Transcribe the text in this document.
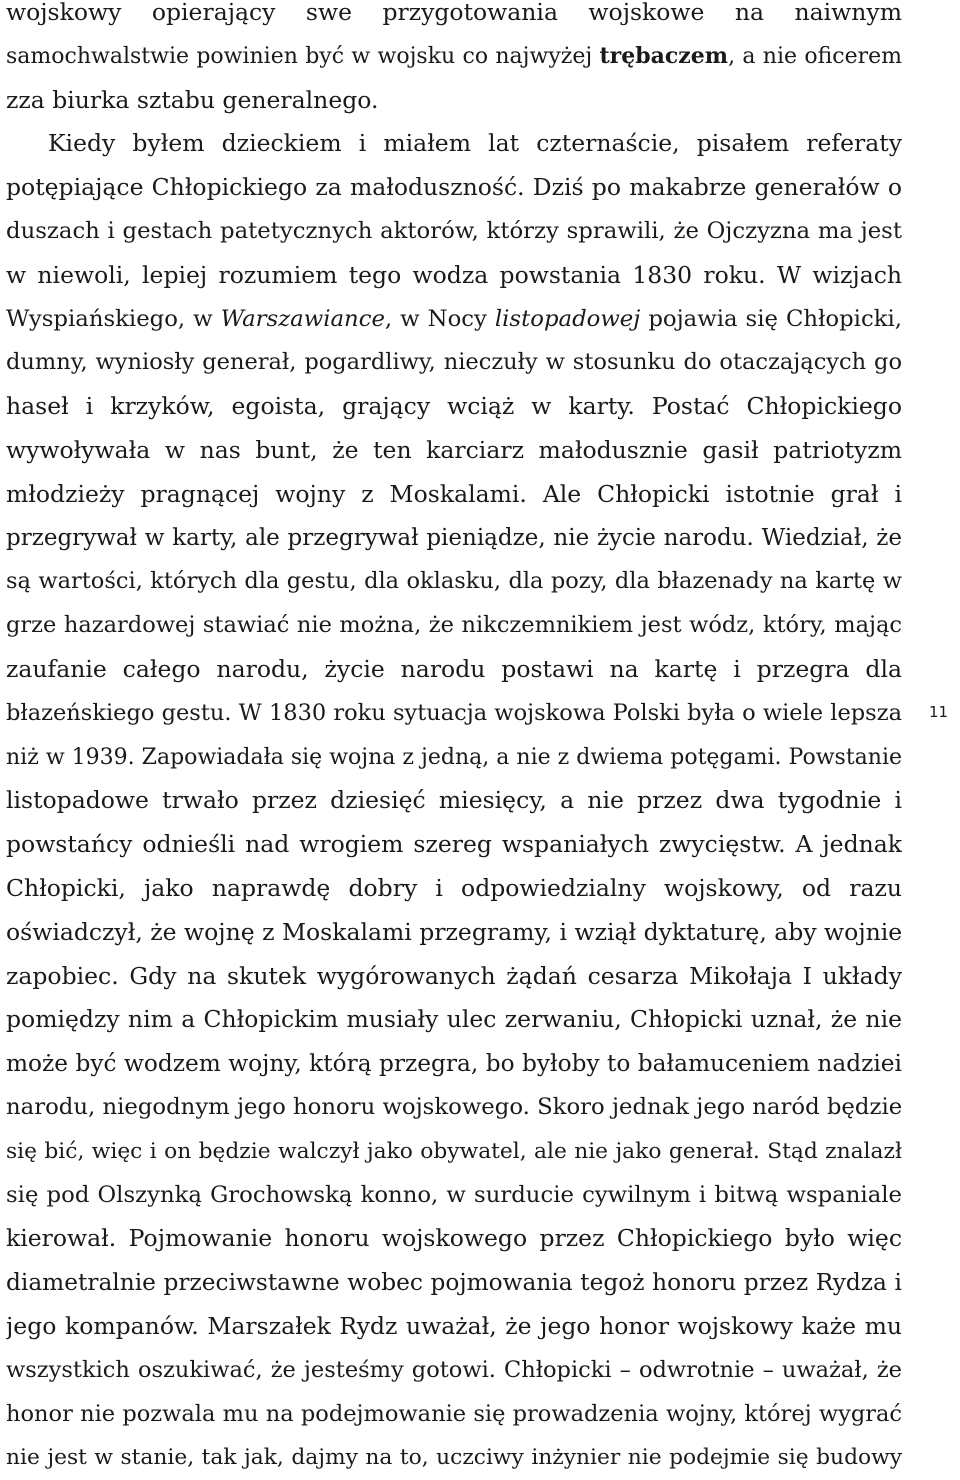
wojskowy opierający swe przygotowania wojskowe na naiwnym
samochwalstwie powinien być w wojsku co najwyżej trębaczem, a nie oficerem
zza biurka sztabu generalnego.
Kiedy byłem dzieckiem i miałem lat czternaście, pisałem referaty
potępiające Chłopickiego za małoduszność. Dziś po makabrze generałów o
duszach i gestach patetycznych aktorów, którzy sprawili, że Ojczyzna ma jest
w niewoli, lepiej rozumiem tego wodza powstania 1830 roku. W wizjach
Wyspiańskiego, w Warszawiance, w Nocy listopadowej pojawia się Chłopicki,
dumny, wyniosły generał, pogardliwy, nieczuły w stosunku do otaczających go
haseł i krzyków, egoista, grający wciąż w karty. Postać Chłopickiego
wywoływała w nas bunt, że ten karciarz małodusznie gasił patriotyzm
młodzieży pragnącej wojny z Moskalami. Ale Chłopicki istotnie grał i
przegrywał w karty, ale przegrywał pieniądze, nie życie narodu. Wiedział, że
są wartości, których dla gestu, dla oklasku, dla pozy, dla błazenady na kartę w
grze hazardowej stawiać nie można, że nikczemnikiem jest wódz, który, mając
zaufanie całego narodu, życie narodu postawi na kartę i przegra dla
błazeńskiego gestu. W 1830 roku sytuacja wojskowa Polski była o wiele lepsza
niż w 1939. Zapowiadała się wojna z jedną, a nie z dwiema potęgami. Powstanie
listopadowe trwało przez dziesięć miesięcy, a nie przez dwa tygodnie i
powstańcy odnieśli nad wrogiem szereg wspaniałych zwycięstw. A jednak
Chłopicki, jako naprawdę dobry i odpowiedzialny wojskowy, od razu
oświadczył, że wojnę z Moskalami przegramy, i wziął dyktaturę, aby wojnie
zapobiec. Gdy na skutek wygórowanych żądań cesarza Mikołaja I układy
pomiędzy nim a Chłopickim musiały ulec zerwaniu, Chłopicki uznał, że nie
może być wodzem wojny, którą przegra, bo byłoby to bałamuceniem nadziei
narodu, niegodnym jego honoru wojskowego. Skoro jednak jego naród będzie
się bić, więc i on będzie walczył jako obywatel, ale nie jako generał. Stąd znalazł
się pod Olszynką Grochowską konno, w surducie cywilnym i bitwą wspaniale
kierował. Pojmowanie honoru wojskowego przez Chłopickiego było więc
diametralnie przeciwstawne wobec pojmowania tegoż honoru przez Rydza i
jego kompanów. Marszałek Rydz uważał, że jego honor wojskowy każe mu
wszystkich oszukiwać, że jesteśmy gotowi. Chłopicki – odwrotnie – uważał, że
honor nie pozwala mu na podejmowanie się prowadzenia wojny, której wygrać
nie jest w stanie, tak jak, dajmy na to, uczciwy inżynier nie podejmie się budowy
11
